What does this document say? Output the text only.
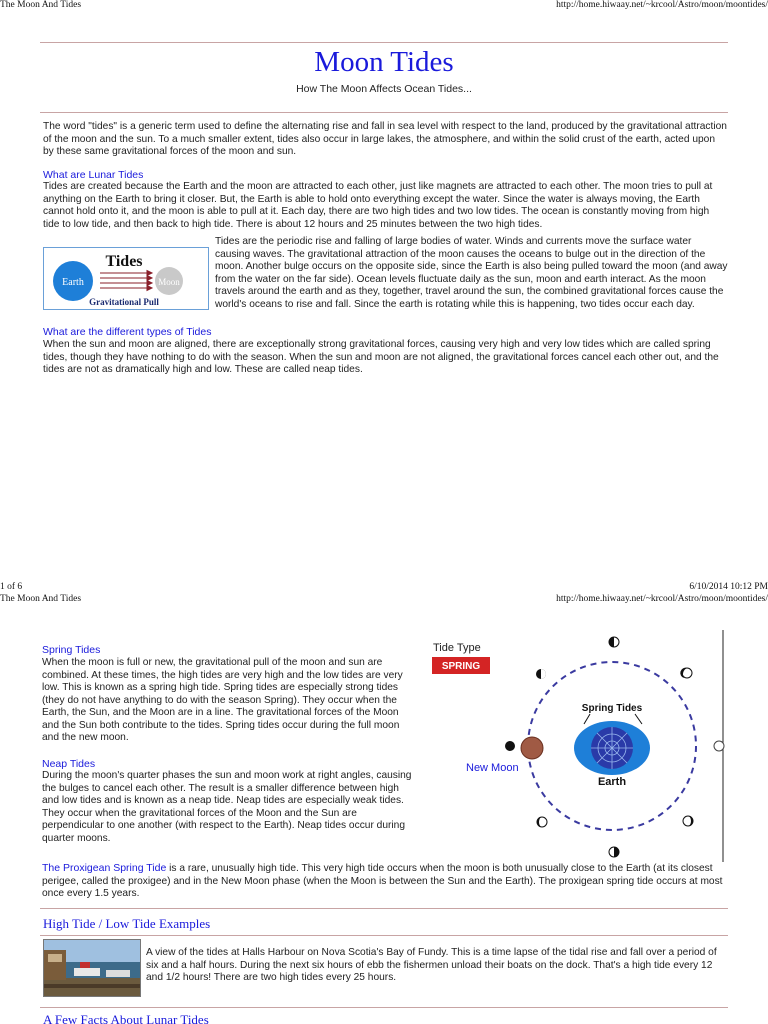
The Moon And Tides	http://home.hiwaay.net/~krcool/Astro/moon/moontides/
Moon Tides
How The Moon Affects Ocean Tides...
The word "tides" is a generic term used to define the alternating rise and fall in sea level with respect to the land, produced by the gravitational attraction of the moon and the sun. To a much smaller extent, tides also occur in large lakes, the atmosphere, and within the solid crust of the earth, acted upon by these same gravitational forces of the moon and sun.
What are Lunar Tides
Tides are created because the Earth and the moon are attracted to each other, just like magnets are attracted to each other. The moon tries to pull at anything on the Earth to bring it closer. But, the Earth is able to hold onto everything except the water. Since the water is always moving, the Earth cannot hold onto it, and the moon is able to pull at it. Each day, there are two high tides and two low tides. The ocean is constantly moving from high tide to low tide, and then back to high tide. There is about 12 hours and 25 minutes between the two high tides.
Earth	Moon
Tides
Gravitational Pull
Tides are the periodic rise and falling of large bodies of water. Winds and currents move the surface water causing waves. The gravitational attraction of the moon causes the oceans to bulge out in the direction of the moon. Another bulge occurs on the opposite side, since the Earth is also being pulled toward the moon (and away from the water on the far side). Ocean levels fluctuate daily as the sun, moon and earth interact. As the moon travels around the earth and as they, together, travel around the sun, the combined gravitational forces cause the world's oceans to rise and fall. Since the earth is rotating while this is happening, two tides occur each day.
What are the different types of Tides
When the sun and moon are aligned, there are exceptionally strong gravitational forces, causing very high and very low tides which are called spring tides, though they have nothing to do with the season. When the sun and moon are not aligned, the gravitational forces cancel each other out, and the tides are not as dramatically high and low. These are called neap tides.
1 of 6	6/10/2014 10:12 PM
The Moon And Tides	http://home.hiwaay.net/~krcool/Astro/moon/moontides/
Spring Tides
When the moon is full or new, the gravitational pull of the moon and sun are combined. At these times, the high tides are very high and the low tides are very low. This is known as a spring high tide. Spring tides are especially strong tides (they do not have anything to do with the season Spring). They occur when the Earth, the Sun, and the Moon are in a line. The gravitational forces of the Moon and the Sun both contribute to the tides. Spring tides occur during the full moon and the new moon.
Neap Tides
During the moon's quarter phases the sun and moon work at right angles, causing the bulges to cancel each other. The result is a smaller difference between high and low tides and is known as a neap tide. Neap tides are especially weak tides. They occur when the gravitational forces of the Moon and the Sun are perpendicular to one another (with respect to the Earth). Neap tides occur during quarter moons.
Tide Type
SPRING
Spring Tides
Earth
New Moon
The Proxigean Spring Tide is a rare, unusually high tide. This very high tide occurs when the moon is both unusually close to the Earth (at its closest perigee, called the proxigee) and in the New Moon phase (when the Moon is between the Sun and the Earth). The proxigean spring tide occurs at most once every 1.5 years.
High Tide / Low Tide Examples
A view of the tides at Halls Harbour on Nova Scotia's Bay of Fundy. This is a time lapse of the tidal rise and fall over a period of six and a half hours. During the next six hours of ebb the fishermen unload their boats on the dock. That's a high tide every 12 and 1/2 hours! There are two high tides every 25 hours.
A Few Facts About Lunar Tides
